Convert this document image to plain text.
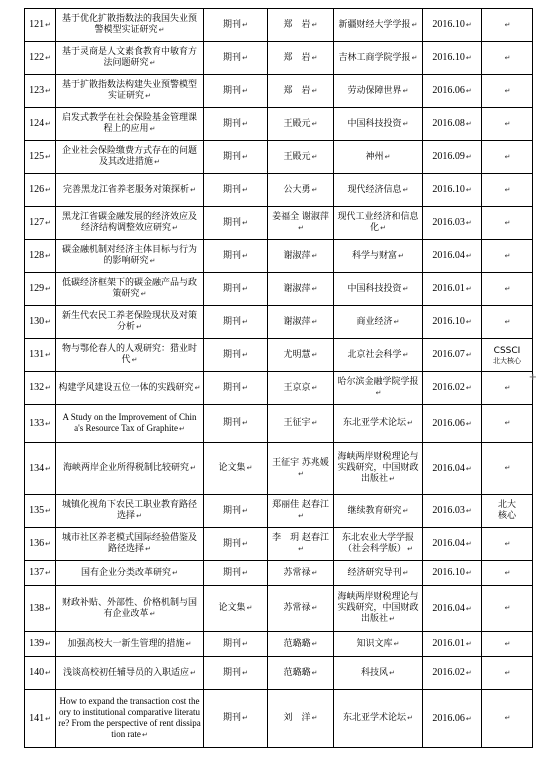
121↵	基于优化扩散指数法的我国失业预警模型实证研究↵	期刊↵	郑　岩↵	新疆财经大学学报↵	2016.10↵	↵
122↵	基于灵商是人文素食教育中敏育方法问题研究↵	期刊↵	郑　岩↵	吉林工商学院学报↵	2016.10↵	↵
123↵	基于扩散指数法构建失业预警模型实证研究↵	期刊↵	郑　岩↵	劳动保障世界↵	2016.06↵	↵
124↵	启发式教学在社会保险基金管理课程上的应用↵	期刊↵	王殿元↵	中国科技投资↵	2016.08↵	↵
125↵	企业社会保险缴费方式存在的问题及其改进措施↵	期刊↵	王殿元↵	神州↵	2016.09↵	↵
126↵	完善黑龙江省养老服务对策探析↵	期刊↵	公大勇↵	现代经济信息↵	2016.10↵	↵
127↵	黑龙江省碳金融发展的经济效应及经济结构调整效应研究↵	期刊↵	姜福全 谢淑萍↵	现代工业经济和信息化↵	2016.03↵	↵
128↵	碳金融机制对经济主体目标与行为的影响研究↵	期刊↵	谢淑萍↵	科学与财富↵	2016.04↵	↵
129↵	低碳经济框架下的碳金融产品与政策研究↵	期刊↵	谢淑萍↵	中国科技投资↵	2016.01↵	↵
130↵	新生代农民工养老保险现状及对策分析↵	期刊↵	谢淑萍↵	商业经济↵	2016.10↵	↵
131↵	物与鄂伦春人的人观研究：猎业时代↵	期刊↵	尤明慧↵	北京社会科学↵	2016.07↵	CSSCI
北大核心

132↵	构建学风建设五位一体的实践研究↵	期刊↵	王京京↵	哈尔滨金融学院学报↵	2016.02↵	↵
133↵	A Study on the Improvement of China's Resource Tax of Graphite↵	期刊↵	王征宇↵	东北亚学术论坛↵	2016.06↵	↵
134↵	海峡两岸企业所得税制比较研究↵	论文集↵	王征宇 苏兆媛↵	海峡两岸财税理论与实践研究，中国财政出版社↵	2016.04↵	↵
135↵	城镇化视角下农民工职业教育路径选择↵	期刊↵	郑丽佳 赵春江↵	继续教育研究↵	2016.03↵	北大
核心

136↵	城市社区养老模式国际经验借鉴及路径选择↵	期刊↵	李　玥 赵春江↵	东北农业大学学报（社会科学版）↵	2016.04↵	↵
137↵	国有企业分类改革研究↵	期刊↵	苏常禄↵	经济研究导刊↵	2016.10↵	↵
138↵	财政补贴、外部性、价格机制与国有企业改革↵	论文集↵	苏常禄↵	海峡两岸财税理论与实践研究，中国财政出版社↵	2016.04↵	↵
139↵	加强高校大一新生管理的措施↵	期刊↵	范璐璐↵	知识文库↵	2016.01↵	↵
140↵	浅谈高校初任辅导员的入职适应↵	期刊↵	范璐璐↵	科技风↵	2016.02↵	↵
141↵	How to expand the transaction cost theory to institutional comparative literature? From the perspective of rent dissipation rate↵	期刊↵	刘　洋↵	东北亚学术论坛↵	2016.06↵	↵
+
